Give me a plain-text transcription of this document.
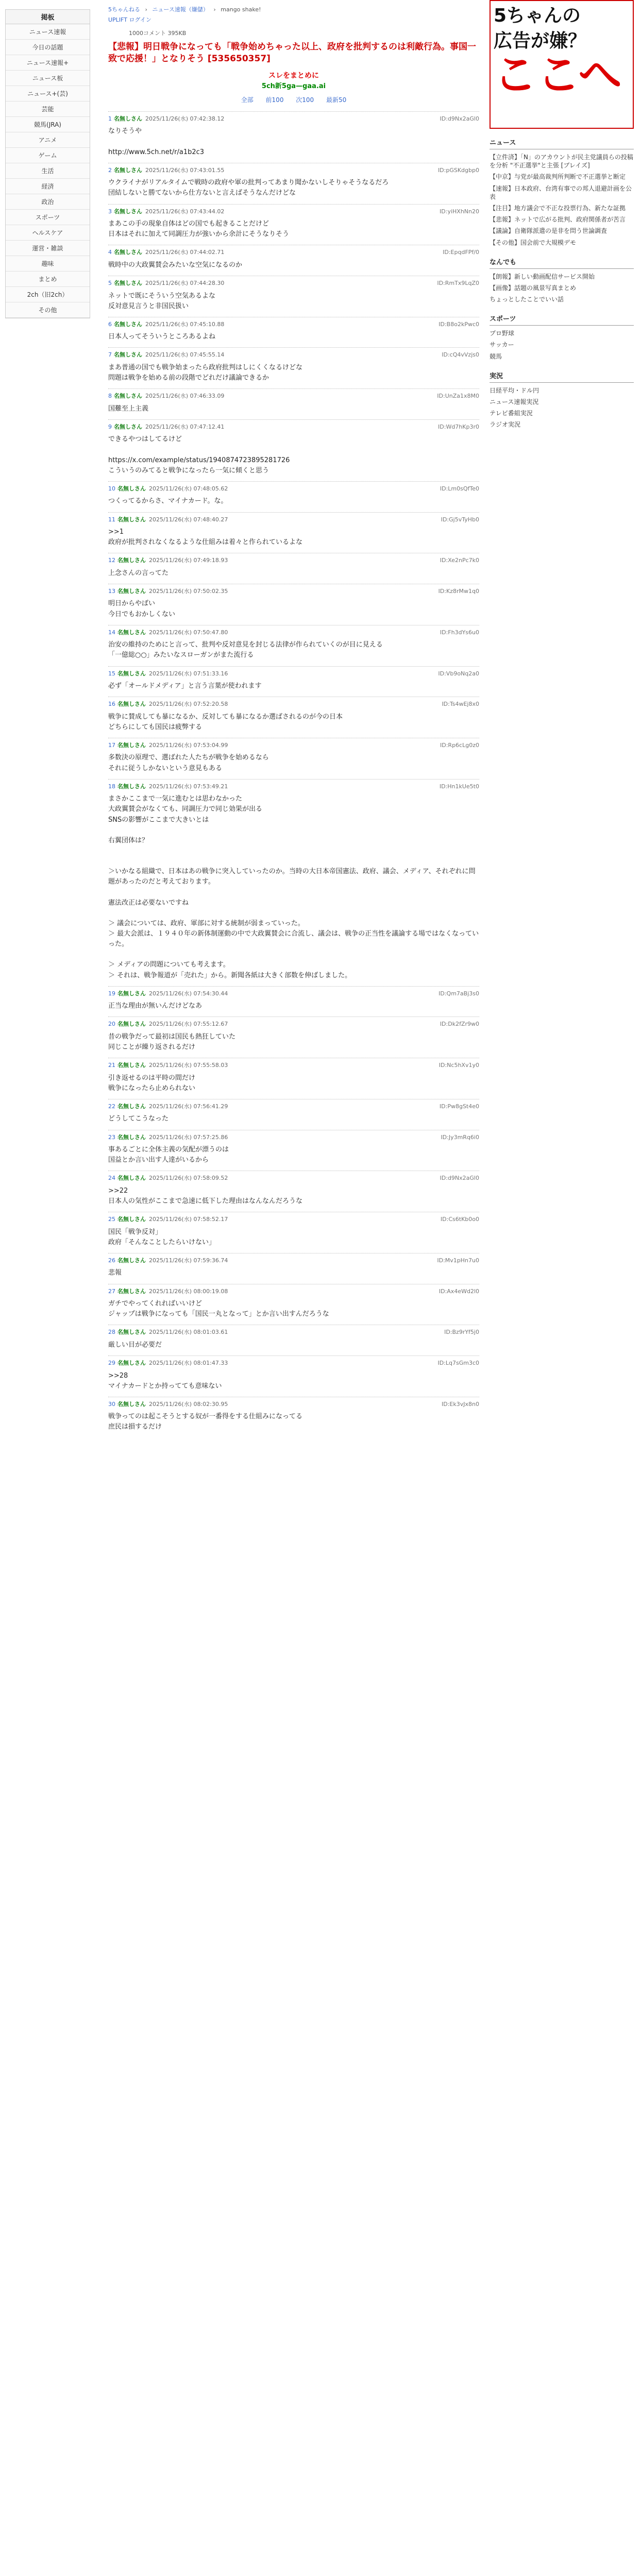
掲板
ニュース速報
今日の話題
ニュース速報+
ニュース板
ニュース+(芸)
芸能
競馬(JRA)
アニメ
ゲーム
生活
経済
政治
スポーツ
ヘルスケア
運営・雑談
趣味
まとめ
2ch（旧2ch）
その他
5ちゃんねる › ニュース速報（嫌儲） › mango shake!
UPLIFT ログイン
1000コメント 395KB
【悲報】明日戦争になっても「戦争始めちゃった以上、政府を批判するのは利敵行為。事国一致で応援！」となりそう [535650357]
スレをまとめに
5ch新5ga—gaa.ai
全部 前100 次100 最新50
1 名無しさん 2025/11/26(水) 07:42:38.12	ID:d9Nx2aGl0
なりそうや

http://www.5ch.net/r/a1b2c3
2 名無しさん 2025/11/26(水) 07:43:01.55	ID:pGSKdgbp0
ウクライナがリアルタイムで戦時の政府や軍の批判ってあまり聞かないしそりゃそうなるだろ
団結しないと勝てないから仕方ないと言えばそうなんだけどな
3 名無しさん 2025/11/26(水) 07:43:44.02	ID:yiHXhNn20
まあこの手の現象自体はどの国でも起きることだけど
日本はそれに加えて同調圧力が強いから余計にそうなりそう
4 名無しさん 2025/11/26(水) 07:44:02.71	ID:EpqdFPf/0
戦時中の大政翼賛会みたいな空気になるのか
5 名無しさん 2025/11/26(水) 07:44:28.30	ID:RmTx9LqZ0
ネットで既にそういう空気あるよな
反対意見言うと非国民扱い
6 名無しさん 2025/11/26(水) 07:45:10.88	ID:B8o2kPwc0
日本人ってそういうところあるよね
7 名無しさん 2025/11/26(水) 07:45:55.14	ID:cQ4vVzjs0
まあ普通の国でも戦争始まったら政府批判はしにくくなるけどな
問題は戦争を始める前の段階でどれだけ議論できるか
8 名無しさん 2025/11/26(水) 07:46:33.09	ID:UnZa1x8M0
国難至上主義
9 名無しさん 2025/11/26(水) 07:47:12.41	ID:Wd7hKp3r0
できるやつはしてるけど

https://x.com/example/status/1940874723895281726
こういうのみてると戦争になったら一気に傾くと思う
10 名無しさん 2025/11/26(水) 07:48:05.62	ID:Lm0sQfTe0
つくってるからさ、マイナカード。な。
11 名無しさん 2025/11/26(水) 07:48:40.27	ID:Gj5vTyHb0
>>1
政府が批判されなくなるような仕組みは着々と作られているよな
12 名無しさん 2025/11/26(水) 07:49:18.93	ID:Xe2nPc7k0
上念さんの言ってた
13 名無しさん 2025/11/26(水) 07:50:02.35	ID:Kz8rMw1q0
明日からやばい
今日でもおかしくない
14 名無しさん 2025/11/26(水) 07:50:47.80	ID:Fh3dYs6u0
治安の維持のためにと言って、批判や反対意見を封じる法律が作られていくのが目に見える
「一億総○○」みたいなスローガンがまた流行る
15 名無しさん 2025/11/26(水) 07:51:33.16	ID:Vb9oNq2a0
必ず「オールドメディア」と言う言葉が使われます
16 名無しさん 2025/11/26(水) 07:52:20.58	ID:Ts4wEj8x0
戦争に賛成しても暴になるか、反対しても暴になるか選ばされるのが今の日本
どちらにしても国民は疲弊する
17 名無しさん 2025/11/26(水) 07:53:04.99	ID:Rp6cLg0z0
多数決の原理で、選ばれた人たちが戦争を始めるなら
それに従うしかないという意見もある
18 名無しさん 2025/11/26(水) 07:53:49.21	ID:Hn1kUe5t0
まさかここまで一気に進むとは思わなかった
大政翼賛会がなくても、同調圧力で同じ効果が出る
SNSの影響がここまで大きいとは

右翼団体は？

＞いかなる組織で、日本はあの戦争に突入していったのか。当時の大日本帝国憲法、政府、議会、メディア、それぞれに問題があったのだと考えております。

憲法改正は必要ないですね

＞ 議会については、政府、軍部に対する統制が弱まっていった。
＞ 最大会派は、１９４０年の新体制運動の中で大政翼賛会に合流し、議会は、戦争の正当性を議論する場ではなくなっていった。

＞ メディアの問題についても考えます。
＞ それは、戦争報道が「売れた」から。新聞各紙は大きく部数を伸ばしました。
19 名無しさん 2025/11/26(水) 07:54:30.44	ID:Qm7aBj3s0
正当な理由が無いんだけどなあ
20 名無しさん 2025/11/26(水) 07:55:12.67	ID:Dk2fZr9w0
昔の戦争だって最初は国民も熱狂していた
同じことが繰り返されるだけ
21 名無しさん 2025/11/26(水) 07:55:58.03	ID:Nc5hXv1y0
引き返せるのは平時の間だけ
戦争になったら止められない
22 名無しさん 2025/11/26(水) 07:56:41.29	ID:Pw8gSt4e0
どうしてこうなった
23 名無しさん 2025/11/26(水) 07:57:25.86	ID:Jy3mRq6i0
事あるごとに全体主義の気配が漂うのは
国益とか言い出す人達がいるから
24 名無しさん 2025/11/26(水) 07:58:09.52	ID:d9Nx2aGl0
>>22
日本人の気性がここまで急速に低下した理由はなんなんだろうな
25 名無しさん 2025/11/26(水) 07:58:52.17	ID:Cs6tKb0o0
国民「戦争反対」
政府「そんなことしたらいけない」
26 名無しさん 2025/11/26(水) 07:59:36.74	ID:Mv1pHn7u0
悲報
27 名無しさん 2025/11/26(水) 08:00:19.08	ID:Ax4eWd2l0
ガチでやってくれればいいけど
ジャップは戦争になっても「国民一丸となって」とか言い出すんだろうな
28 名無しさん 2025/11/26(水) 08:01:03.61	ID:Bz9rYf5j0
厳しい目が必要だ
29 名無しさん 2025/11/26(水) 08:01:47.33	ID:Lq7sGm3c0
>>28
マイナカードとか持ってても意味ない
30 名無しさん 2025/11/26(水) 08:02:30.95	ID:Ek3vJx8n0
戦争ってのは起こそうとする奴が一番得をする仕組みになってる
庶民は損するだけ
5ちゃんの
広告が嫌？
ここへ
ニュース
【立件済】「N」のアカウントが民主党議員らの投稿を分析 "不正選挙"と主張 [ブレイズ]
【中京】与党が最高裁判所判断で不正選挙と断定
【速報】日本政府、台湾有事での邦人退避計画を公表
【注目】地方議会で不正な投票行為、新たな証拠
【悲報】ネットで広がる批判、政府関係者が苦言
【議論】自衛隊派遣の是非を問う世論調査
【その他】国会前で大規模デモ
なんでも
【朗報】新しい動画配信サービス開始
【画像】話題の風景写真まとめ
ちょっとしたことでいい話
スポーツ
プロ野球
サッカー
競馬
実況
日経平均・ドル円
ニュース速報実況
テレビ番組実況
ラジオ実況
